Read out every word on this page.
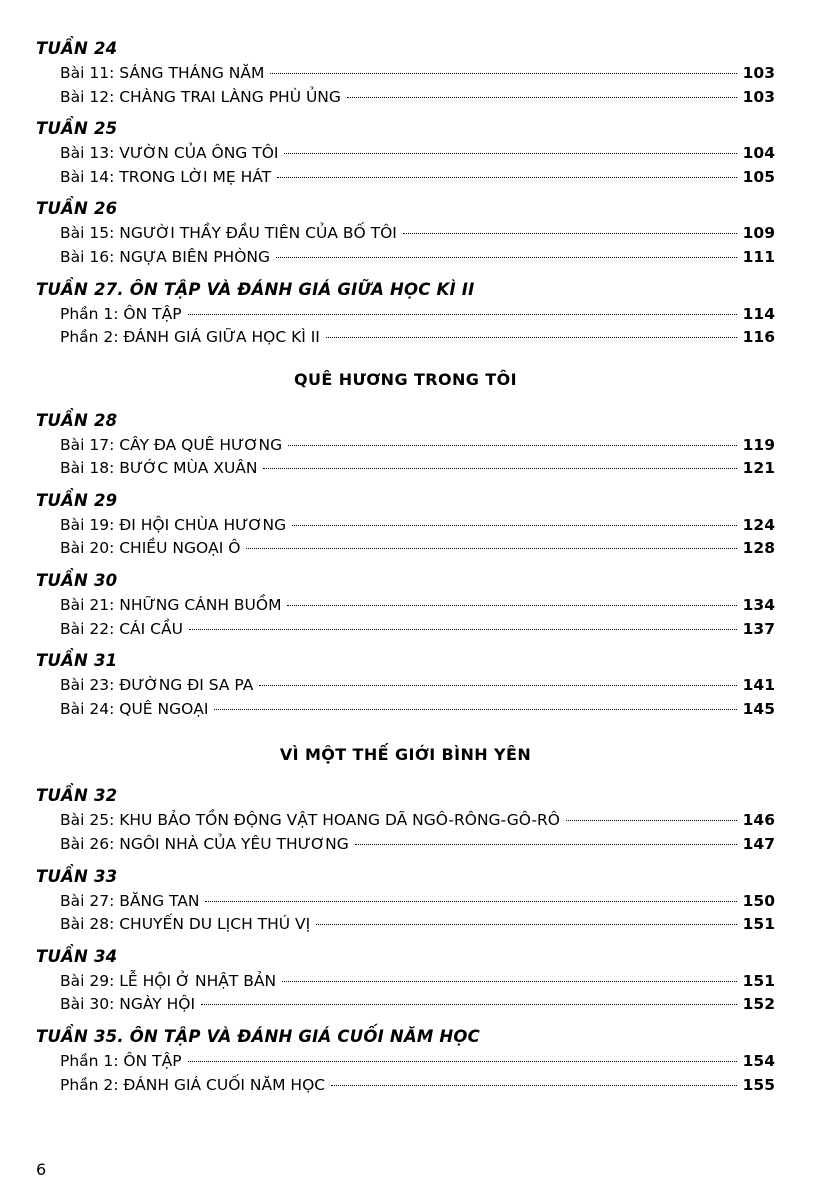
TUẦN 24
Bài 11: SÁNG THÁNG NĂM	103
Bài 12: CHÀNG TRAI LÀNG PHÙ ỦNG	103
TUẦN 25
Bài 13: VƯỜN CỦA ÔNG TÔI	104
Bài 14: TRONG LỜI MẸ HÁT	105
TUẦN 26
Bài 15: NGƯỜI THẦY ĐẦU TIÊN CỦA BỐ TÔI	109
Bài 16: NGỰA BIÊN PHÒNG	111
TUẦN 27. ÔN TẬP VÀ ĐÁNH GIÁ GIỮA HỌC KÌ II
Phần 1: ÔN TẬP	114
Phần 2: ĐÁNH GIÁ GIỮA HỌC KÌ II	116
QUÊ HƯƠNG TRONG TÔI
TUẦN 28
Bài 17: CÂY ĐA QUÊ HƯƠNG	119
Bài 18: BƯỚC MÙA XUÂN	121
TUẦN 29
Bài 19: ĐI HỘI CHÙA HƯƠNG	124
Bài 20: CHIỀU NGOẠI Ô	128
TUẦN 30
Bài 21: NHỮNG CÁNH BUỒM	134
Bài 22: CÁI CẦU	137
TUẦN 31
Bài 23: ĐƯỜNG ĐI SA PA	141
Bài 24: QUÊ NGOẠI	145
VÌ MỘT THẾ GIỚI BÌNH YÊN
TUẦN 32
Bài 25: KHU BẢO TỒN ĐỘNG VẬT HOANG DÃ NGÔ-RÔNG-GÔ-RÔ	146
Bài 26: NGÔI NHÀ CỦA YÊU THƯƠNG	147
TUẦN 33
Bài 27: BĂNG TAN	150
Bài 28: CHUYẾN DU LỊCH THÚ VỊ	151
TUẦN 34
Bài 29: LỄ HỘI Ở NHẬT BẢN	151
Bài 30: NGÀY HỘI	152
TUẦN 35. ÔN TẬP VÀ ĐÁNH GIÁ CUỐI NĂM HỌC
Phần 1: ÔN TẬP	154
Phần 2: ĐÁNH GIÁ CUỐI NĂM HỌC	155
6
